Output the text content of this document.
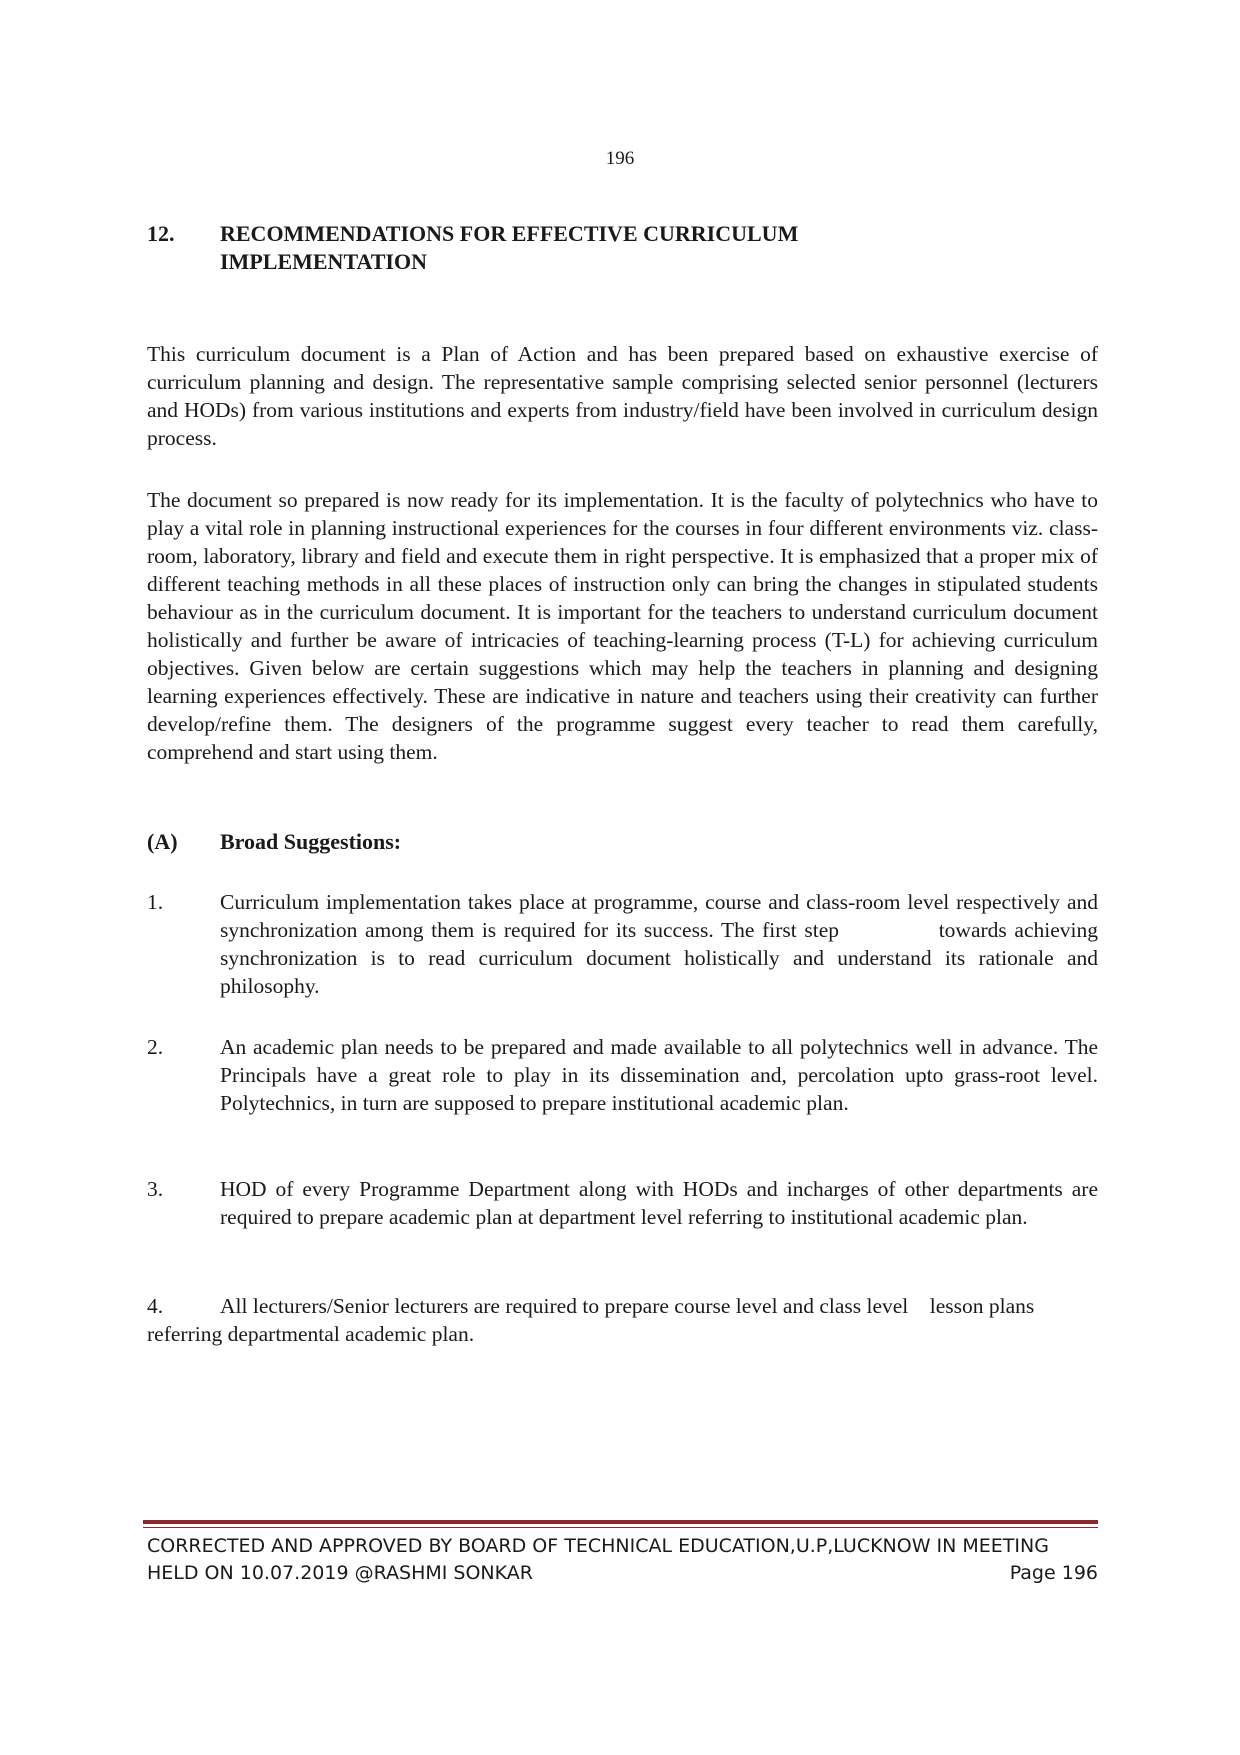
196
12. RECOMMENDATIONS FOR EFFECTIVE CURRICULUM
IMPLEMENTATION
This curriculum document is a Plan of Action and has been prepared based on exhaustive exercise of curriculum planning and design. The representative sample comprising selected senior personnel (lecturers and HODs) from various institutions and experts from industry/field have been involved in curriculum design process.
The document so prepared is now ready for its implementation. It is the faculty of polytechnics who have to play a vital role in planning instructional experiences for the courses in four different environments viz. class-room, laboratory, library and field and execute them in right perspective. It is emphasized that a proper mix of different teaching methods in all these places of instruction only can bring the changes in stipulated students behaviour as in the curriculum document. It is important for the teachers to understand curriculum document holistically and further be aware of intricacies of teaching-learning process (T-L) for achieving curriculum objectives. Given below are certain suggestions which may help the teachers in planning and designing learning experiences effectively. These are indicative in nature and teachers using their creativity can further develop/refine them. The designers of the programme suggest every teacher to read them carefully, comprehend and start using them.
(A) Broad Suggestions:
1.	Curriculum implementation takes place at programme, course and class-room level respectively and synchronization among them is required for its success. The first step             towards achieving synchronization is to read curriculum document holistically and understand its rationale and philosophy.
2.	An academic plan needs to be prepared and made available to all polytechnics well in advance. The Principals have a great role to play in its dissemination and, percolation upto grass-root level. Polytechnics, in turn are supposed to prepare institutional academic plan.
3.	HOD of every Programme Department along with HODs and incharges of other departments are required to prepare academic plan at department level referring to institutional academic plan.
4.	All lecturers/Senior lecturers are required to prepare course level and class level    lesson plans referring departmental academic plan.
CORRECTED AND APPROVED BY BOARD OF TECHNICAL EDUCATION,U.P,LUCKNOW IN MEETING
HELD ON 10.07.2019 @RASHMI SONKAR	Page 196
